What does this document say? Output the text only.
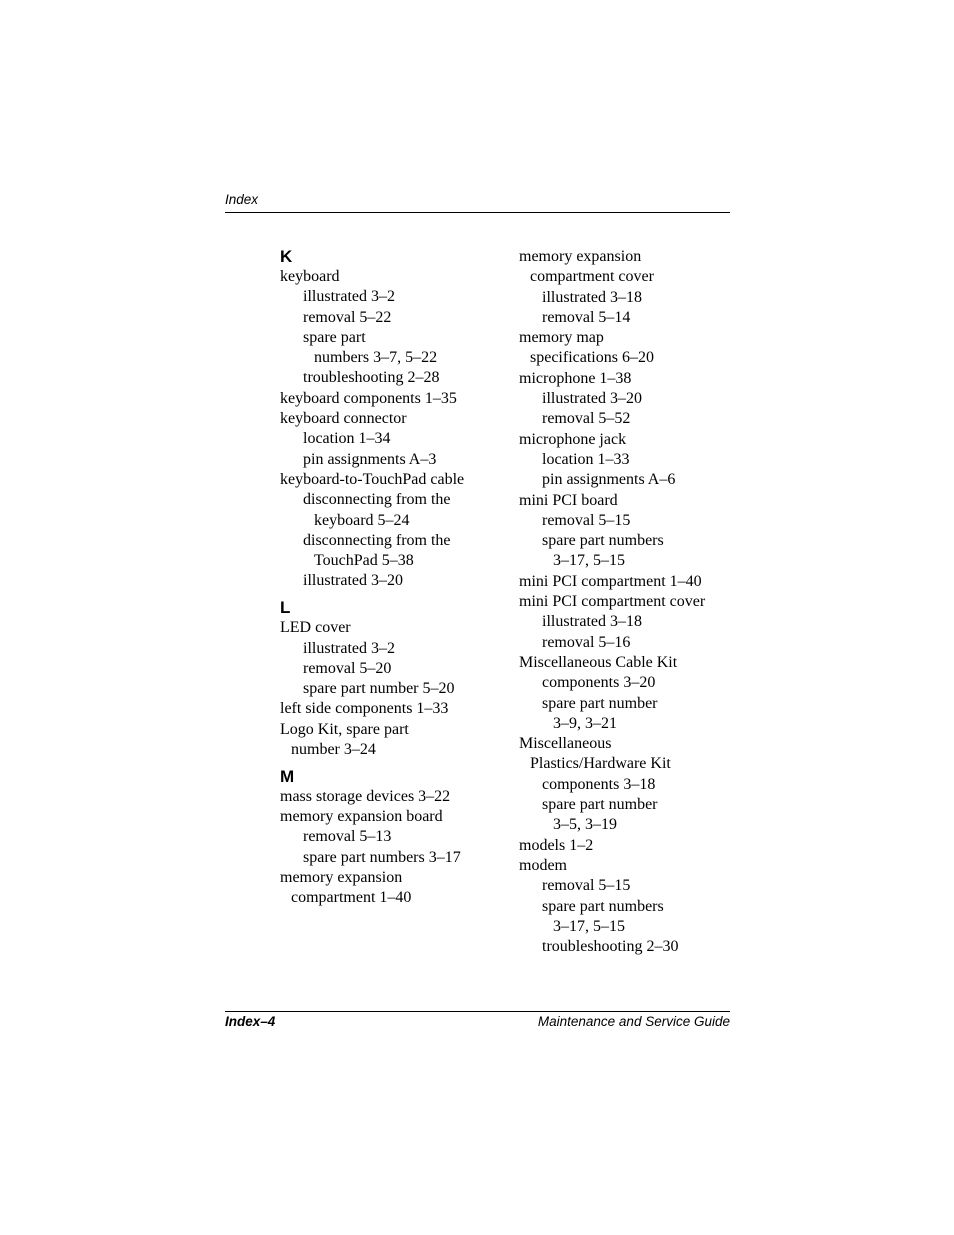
Index
K
keyboard
illustrated 3–2
removal 5–22
spare part
numbers 3–7, 5–22
troubleshooting 2–28
keyboard components 1–35
keyboard connector
location 1–34
pin assignments A–3
keyboard-to-TouchPad cable
disconnecting from the
keyboard 5–24
disconnecting from the
TouchPad 5–38
illustrated 3–20
L
LED cover
illustrated 3–2
removal 5–20
spare part number 5–20
left side components 1–33
Logo Kit, spare part
number 3–24
M
mass storage devices 3–22
memory expansion board
removal 5–13
spare part numbers 3–17
memory expansion
compartment 1–40
memory expansion
compartment cover
illustrated 3–18
removal 5–14
memory map
specifications 6–20
microphone 1–38
illustrated 3–20
removal 5–52
microphone jack
location 1–33
pin assignments A–6
mini PCI board
removal 5–15
spare part numbers
3–17, 5–15
mini PCI compartment 1–40
mini PCI compartment cover
illustrated 3–18
removal 5–16
Miscellaneous Cable Kit
components 3–20
spare part number
3–9, 3–21
Miscellaneous
Plastics/Hardware Kit
components 3–18
spare part number
3–5, 3–19
models 1–2
modem
removal 5–15
spare part numbers
3–17, 5–15
troubleshooting 2–30
Index–4	Maintenance and Service Guide
